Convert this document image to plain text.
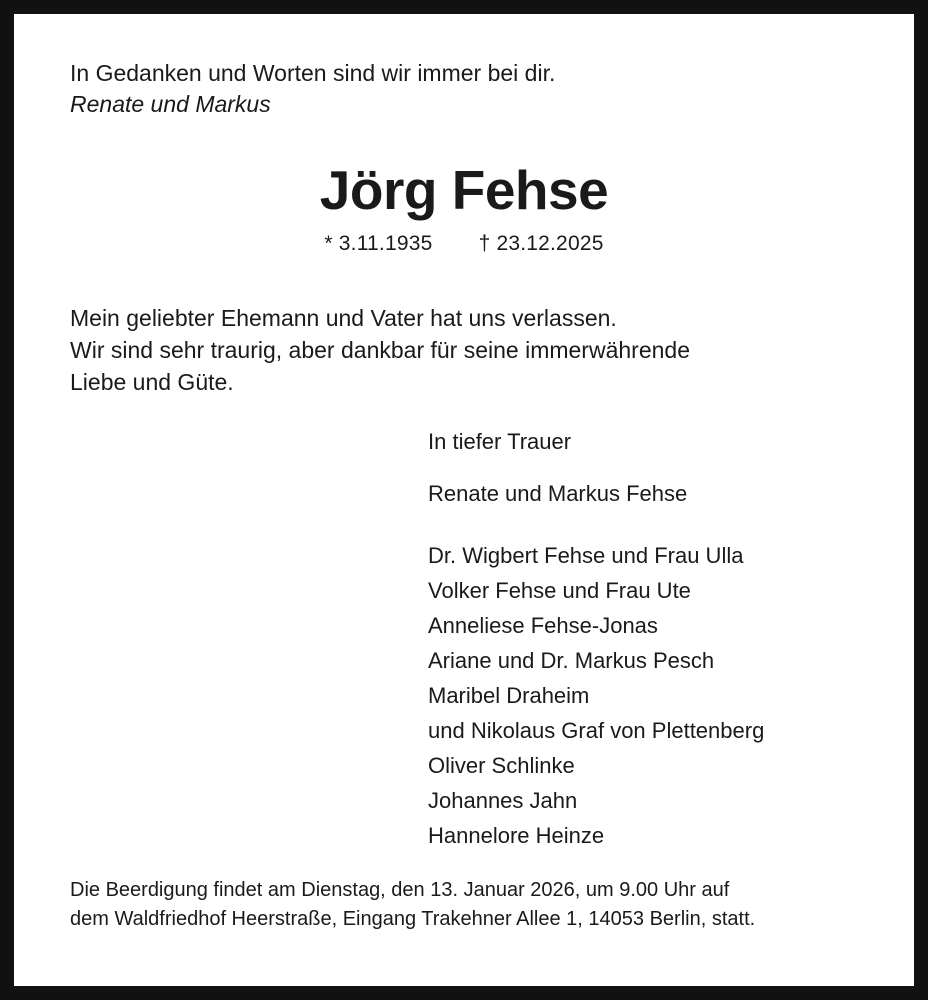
In Gedanken und Worten sind wir immer bei dir.
Renate und Markus
Jörg Fehse
* 3.11.1935 † 23.12.2025
Mein geliebter Ehemann und Vater hat uns verlassen.
Wir sind sehr traurig, aber dankbar für seine immerwährende
Liebe und Güte.
In tiefer Trauer
Renate und Markus Fehse
Dr. Wigbert Fehse und Frau Ulla
Volker Fehse und Frau Ute
Anneliese Fehse-Jonas
Ariane und Dr. Markus Pesch
Maribel Draheim
und Nikolaus Graf von Plettenberg
Oliver Schlinke
Johannes Jahn
Hannelore Heinze
Die Beerdigung findet am Dienstag, den 13. Januar 2026, um 9.00 Uhr auf
dem Waldfriedhof Heerstraße, Eingang Trakehner Allee 1, 14053 Berlin, statt.
